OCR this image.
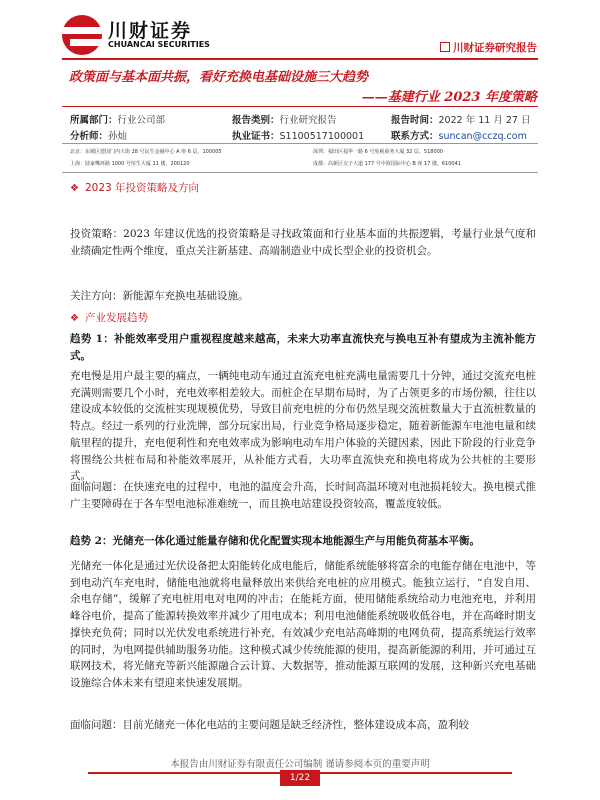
川财证券
CHUANCAI SECURITIES	川财证券研究报告
政策面与基本面共振，看好充换电基础设施三大趋势
——基建行业 2023 年度策略
所属部门：行业公司部	报告类别：行业研究报告	报告时间：2022 年 11 月 27 日
分析师：孙灿	执业证书：S1100517100001	联系方式：suncan@cczq.com
北京：东城区建国门内大街 28 号民生金融中心 A 座 6 层，100005	深圳：福田区福华一路 6 号免税商务大厦 32 层，518000
上海：陆家嘴环路 1000 号恒生大厦 11 楼，200120	成都：高新区交子大道 177 号中海国际中心 B 座 17 楼，610041
❖ 2023 年投资策略及方向

投资策略：2023 年建议优选的投资策略是寻找政策面和行业基本面的共振逻辑，考量行业景气度和业绩确定性两个维度，重点关注新基建、高端制造业中成长型企业的投资机会。

关注方向：新能源车充换电基础设施。

❖ 产业发展趋势

趋势 1：补能效率受用户重视程度越来越高，未来大功率直流快充与换电互补有望成为主流补能方式。

充电慢是用户最主要的痛点，一辆纯电动车通过直流充电桩充满电量需要几十分钟，通过交流充电桩充满则需要几个小时，充电效率相差较大。而桩企在早期布局时，为了占领更多的市场份额，往往以建设成本较低的交流桩实现规模优势，导致目前充电桩的分布仍然呈现交流桩数量大于直流桩数量的特点。经过一系列的行业洗牌，部分玩家出局，行业竞争格局逐步稳定，随着新能源车电池电量和续航里程的提升，充电便利性和充电效率成为影响电动车用户体验的关键因素，因此下阶段的行业竞争将围绕公共桩布局和补能效率展开，从补能方式看，大功率直流快充和换电将成为公共桩的主要形式。

面临问题：在快速充电的过程中，电池的温度会升高，长时间高温环境对电池损耗较大。换电模式推广主要障碍在于各车型电池标准难统一，而且换电站建设投资较高，覆盖度较低。

趋势 2：光储充一体化通过能量存储和优化配置实现本地能源生产与用能负荷基本平衡。

光储充一体化是通过光伏设备把太阳能转化成电能后，储能系统能够将富余的电能存储在电池中，等到电动汽车充电时，储能电池就将电量释放出来供给充电桩的应用模式。能独立运行，“自发自用、余电存储”，缓解了充电桩用电对电网的冲击；在能耗方面，使用储能系统给动力电池充电，并利用峰谷电价，提高了能源转换效率并减少了用电成本；利用电池储能系统吸收低谷电，并在高峰时期支撑快充负荷；同时以光伏发电系统进行补充，有效减少充电站高峰期的电网负荷，提高系统运行效率的同时，为电网提供辅助服务功能。这种模式减少传统能源的使用，提高新能源的利用，并可通过互联网技术，将光储充等新兴能源融合云计算、大数据等，推动能源互联网的发展，这种新兴充电基础设施综合体未来有望迎来快速发展期。

面临问题：目前光储充一体化电站的主要问题是缺乏经济性，整体建设成本高，盈利较

本报告由川财证券有限责任公司编制 谨请参阅本页的重要声明
1/22
